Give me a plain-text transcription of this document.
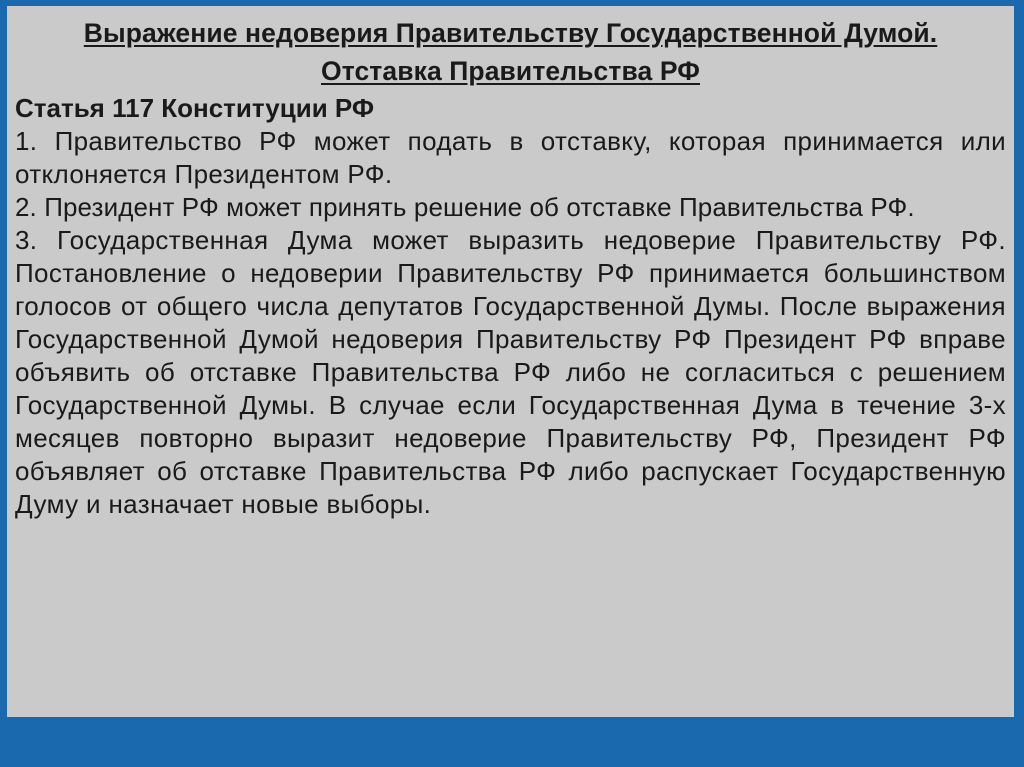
Выражение недоверия Правительству Государственной Думой.
Отставка Правительства РФ

Статья 117 Конституции РФ

1. Правительство РФ может подать в отставку, которая принимается или отклоняется Президентом РФ.

2. Президент РФ может принять решение об отставке Правительства РФ.

3. Государственная Дума может выразить недоверие Правительству РФ. Постановление о недоверии Правительству РФ принимается большинством голосов от общего числа депутатов Государственной Думы. После выражения Государственной Думой недоверия Правительству РФ Президент РФ вправе объявить об отставке Правительства РФ либо не согласиться с решением Государственной Думы. В случае если Государственная Дума в течение 3-х месяцев повторно выразит недоверие Правительству РФ, Президент РФ объявляет об отставке Правительства РФ либо распускает Государственную Думу и назначает новые выборы.
